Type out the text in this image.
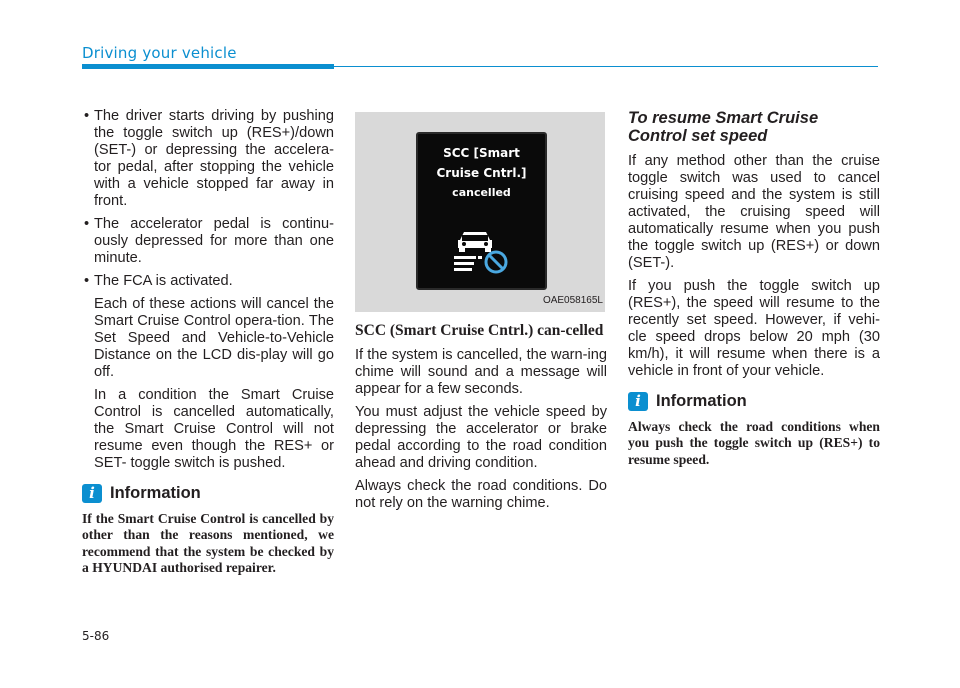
Driving your vehicle
• The driver starts driving by pushing the toggle switch up (RES+)/down (SET-) or depressing the accelera-tor pedal, after stopping the vehicle with a vehicle stopped far away in front.
• The accelerator pedal is continu-ously depressed for more than one minute.
• The FCA is activated.

Each of these actions will cancel the Smart Cruise Control opera-tion. The Set Speed and Vehicle-to-Vehicle Distance on the LCD dis-play will go off.

In a condition the Smart Cruise Control is cancelled automatically, the Smart Cruise Control will not resume even though the RES+ or SET- toggle switch is pushed.

i Information
If the Smart Cruise Control is cancelled by other than the reasons mentioned, we recommend that the system be checked by a HYUNDAI authorised repairer.
SCC [Smart
Cruise Cntrl.]
cancelled
OAE058165L
SCC (Smart Cruise Cntrl.) can-celled

If the system is cancelled, the warn-ing chime will sound and a message will appear for a few seconds.

You must adjust the vehicle speed by depressing the accelerator or brake pedal according to the road condition ahead and driving condition.

Always check the road conditions. Do not rely on the warning chime.

To resume Smart Cruise Control set speed

If any method other than the cruise toggle switch was used to cancel cruising speed and the system is still activated, the cruising speed will automatically resume when you push the toggle switch up (RES+) or down (SET-).

If you push the toggle switch up (RES+), the speed will resume to the recently set speed. However, if vehi-cle speed drops below 20 mph (30 km/h), it will resume when there is a vehicle in front of your vehicle.

i Information
Always check the road conditions when you push the toggle switch up (RES+) to resume speed.
5-86
